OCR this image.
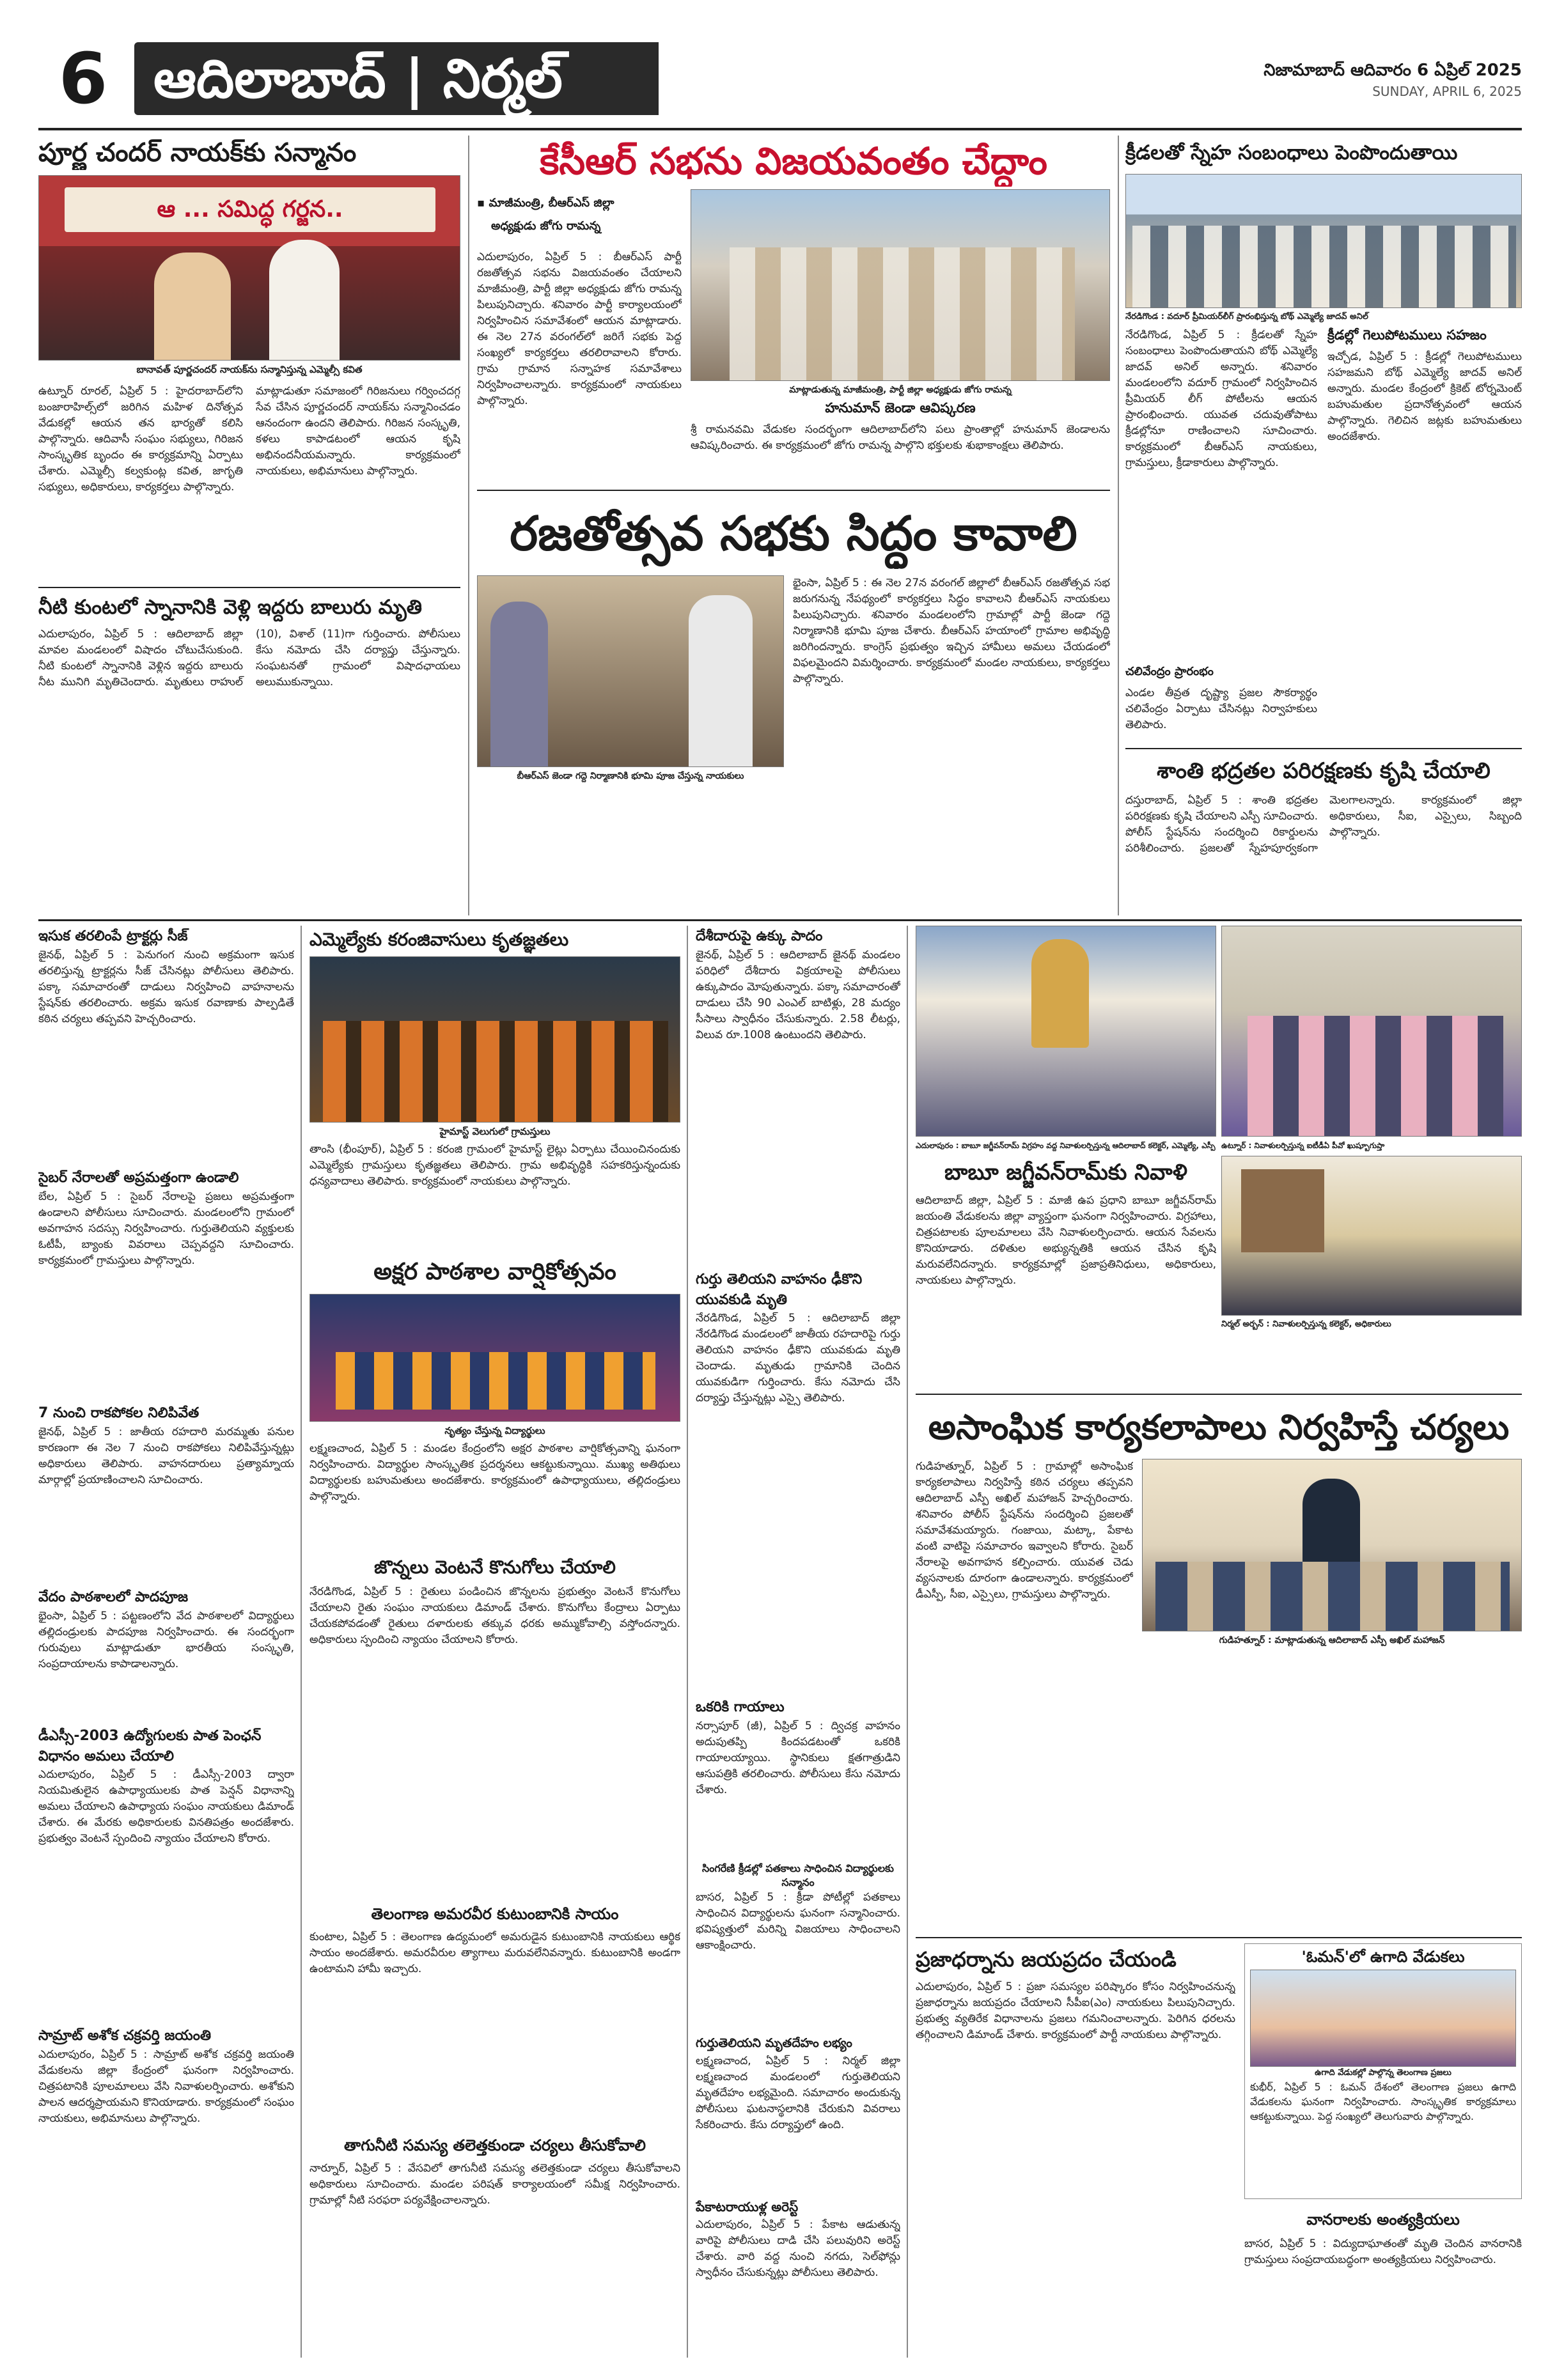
6 ఆదిలాబాద్ | నిర్మల్	నిజామాబాద్ ఆదివారం 6 ఏప్రిల్ 2025
SUNDAY, APRIL 6, 2025
పూర్ణ చందర్ నాయక్‌కు సన్మానం
ఆ ... సమిద్ధ గర్జన..
బానావత్ పూర్ణచందర్ నాయక్‌ను సన్మానిస్తున్న ఎమ్మెల్సీ కవిత
ఉట్నూర్ రూరల్, ఏప్రిల్ 5 : హైదరాబాద్‌లోని బంజారాహిల్స్‌లో జరిగిన మహిళ దినోత్సవ వేడుకల్లో ఆయన తన భార్యతో కలిసి పాల్గొన్నారు. ఆదివాసీ సంఘం సభ్యులు, గిరిజన సాంస్కృతిక బృందం ఈ కార్యక్రమాన్ని ఏర్పాటు చేశారు. ఎమ్మెల్సీ కల్వకుంట్ల కవిత, జాగృతి సభ్యులు, అధికారులు, కార్యకర్తలు పాల్గొన్నారు.
మాట్లాడుతూ సమాజంలో గిరిజనులు గర్వించదగ్గ సేవ చేసిన పూర్ణచందర్ నాయక్‌ను సన్మానించడం ఆనందంగా ఉందని తెలిపారు. గిరిజన సంస్కృతి, కళలు కాపాడటంలో ఆయన కృషి అభినందనీయమన్నారు. కార్యక్రమంలో నాయకులు, అభిమానులు పాల్గొన్నారు.
నీటి కుంటలో స్నానానికి వెళ్లి ఇద్దరు బాలురు మృతి
ఎదులాపురం, ఏప్రిల్ 5 : ఆదిలాబాద్ జిల్లా మావల మండలంలో విషాదం చోటుచేసుకుంది. నీటి కుంటలో స్నానానికి వెళ్లిన ఇద్దరు బాలురు నీట మునిగి మృతిచెందారు. మృతులు రాహుల్ (10), విశాల్ (11)గా గుర్తించారు. పోలీసులు కేసు నమోదు చేసి దర్యాప్తు చేస్తున్నారు. సంఘటనతో గ్రామంలో విషాదఛాయలు అలుముకున్నాయి.
కేసీఆర్ సభను విజయవంతం చేద్దాం
▪ మాజీమంత్రి, బీఆర్ఎస్ జిల్లా
అధ్యక్షుడు జోగు రామన్న
మాట్లాడుతున్న మాజీమంత్రి, పార్టీ జిల్లా అధ్యక్షుడు జోగు రామన్న
ఎదులాపురం, ఏప్రిల్ 5 : బీఆర్ఎస్ పార్టీ రజతోత్సవ సభను విజయవంతం చేయాలని మాజీమంత్రి, పార్టీ జిల్లా అధ్యక్షుడు జోగు రామన్న పిలుపునిచ్చారు. శనివారం పార్టీ కార్యాలయంలో నిర్వహించిన సమావేశంలో ఆయన మాట్లాడారు. ఈ నెల 27న వరంగల్‌లో జరిగే సభకు పెద్ద సంఖ్యలో కార్యకర్తలు తరలిరావాలని కోరారు. గ్రామ గ్రామాన సన్నాహక సమావేశాలు నిర్వహించాలన్నారు. కార్యక్రమంలో నాయకులు పాల్గొన్నారు.	హనుమాన్ జెండా ఆవిష్కరణ
శ్రీ రామనవమి వేడుకల సందర్భంగా ఆదిలాబాద్‌లోని పలు ప్రాంతాల్లో హనుమాన్ జెండాలను ఆవిష్కరించారు. ఈ కార్యక్రమంలో జోగు రామన్న పాల్గొని భక్తులకు శుభాకాంక్షలు తెలిపారు.
రజతోత్సవ సభకు సిద్ధం కావాలి
బీఆర్ఎస్ జెండా గద్దె నిర్మాణానికి భూమి పూజ చేస్తున్న నాయకులు
భైంసా, ఏప్రిల్ 5 : ఈ నెల 27న వరంగల్ జిల్లాలో బీఆర్ఎస్ రజతోత్సవ సభ జరుగనున్న నేపథ్యంలో కార్యకర్తలు సిద్ధం కావాలని బీఆర్ఎస్ నాయకులు పిలుపునిచ్చారు. శనివారం మండలంలోని గ్రామాల్లో పార్టీ జెండా గద్దె నిర్మాణానికి భూమి పూజ చేశారు. బీఆర్ఎస్ హయాంలో గ్రామాల అభివృద్ధి జరిగిందన్నారు. కాంగ్రెస్ ప్రభుత్వం ఇచ్చిన హామీలు అమలు చేయడంలో విఫలమైందని విమర్శించారు. కార్యక్రమంలో మండల నాయకులు, కార్యకర్తలు పాల్గొన్నారు.
క్రీడలతో స్నేహ సంబంధాలు పెంపొందుతాయి
నేరడిగొండ : వదూర్ ప్రీమియర్‌లీగ్ ప్రారంభిస్తున్న బోథ్ ఎమ్మెల్యే జాదవ్ అనిల్
నేరడిగొండ, ఏప్రిల్ 5 : క్రీడలతో స్నేహ సంబంధాలు పెంపొందుతాయని బోథ్ ఎమ్మెల్యే జాదవ్ అనిల్ అన్నారు. శనివారం మండలంలోని వదూర్ గ్రామంలో నిర్వహించిన ప్రీమియర్ లీగ్ పోటీలను ఆయన ప్రారంభించారు. యువత చదువుతోపాటు క్రీడల్లోనూ రాణించాలని సూచించారు. కార్యక్రమంలో బీఆర్ఎస్ నాయకులు, గ్రామస్తులు, క్రీడాకారులు పాల్గొన్నారు.
క్రీడల్లో గెలుపోటములు సహజం
ఇచ్చోడ, ఏప్రిల్ 5 : క్రీడల్లో గెలుపోటములు సహజమని బోథ్ ఎమ్మెల్యే జాదవ్ అనిల్ అన్నారు. మండల కేంద్రంలో క్రికెట్ టోర్నమెంట్ బహుమతుల ప్రదానోత్సవంలో ఆయన పాల్గొన్నారు. గెలిచిన జట్లకు బహుమతులు అందజేశారు.
చలివేంద్రం ప్రారంభం
ఎండల తీవ్రత దృష్ట్యా ప్రజల సౌకర్యార్థం చలివేంద్రం ఏర్పాటు చేసినట్లు నిర్వాహకులు తెలిపారు.
శాంతి భద్రతల పరిరక్షణకు కృషి చేయాలి
దస్తురాబాద్, ఏప్రిల్ 5 : శాంతి భద్రతల పరిరక్షణకు కృషి చేయాలని ఎస్పీ సూచించారు. పోలీస్ స్టేషన్‌ను సందర్శించి రికార్డులను పరిశీలించారు. ప్రజలతో స్నేహపూర్వకంగా మెలగాలన్నారు. కార్యక్రమంలో జిల్లా అధికారులు, సీఐ, ఎస్సైలు, సిబ్బంది పాల్గొన్నారు.
ఇసుక తరలింపే ట్రాక్టర్లు సీజ్
జైనథ్, ఏప్రిల్ 5 : పెనుగంగ నుంచి అక్రమంగా ఇసుక తరలిస్తున్న ట్రాక్టర్లను సీజ్ చేసినట్లు పోలీసులు తెలిపారు. పక్కా సమాచారంతో దాడులు నిర్వహించి వాహనాలను స్టేషన్‌కు తరలించారు. అక్రమ ఇసుక రవాణాకు పాల్పడితే కఠిన చర్యలు తప్పవని హెచ్చరించారు.
సైబర్ నేరాలతో అప్రమత్తంగా ఉండాలి
బేల, ఏప్రిల్ 5 : సైబర్ నేరాలపై ప్రజలు అప్రమత్తంగా ఉండాలని పోలీసులు సూచించారు. మండలంలోని గ్రామంలో అవగాహన సదస్సు నిర్వహించారు. గుర్తుతెలియని వ్యక్తులకు ఓటీపీ, బ్యాంకు వివరాలు చెప్పవద్దని సూచించారు. కార్యక్రమంలో గ్రామస్తులు పాల్గొన్నారు.
7 నుంచి రాకపోకల నిలిపివేత
జైనథ్, ఏప్రిల్ 5 : జాతీయ రహదారి మరమ్మతు పనుల కారణంగా ఈ నెల 7 నుంచి రాకపోకలు నిలిపివేస్తున్నట్లు అధికారులు తెలిపారు. వాహనదారులు ప్రత్యామ్నాయ మార్గాల్లో ప్రయాణించాలని సూచించారు.
వేదం పాఠశాలలో పాదపూజ
భైంసా, ఏప్రిల్ 5 : పట్టణంలోని వేద పాఠశాలలో విద్యార్థులు తల్లిదండ్రులకు పాదపూజ నిర్వహించారు. ఈ సందర్భంగా గురువులు మాట్లాడుతూ భారతీయ సంస్కృతి, సంప్రదాయాలను కాపాడాలన్నారు.
డీఎస్సీ-2003 ఉద్యోగులకు పాత పెంఛన్ విధానం అమలు చేయాలి
ఎదులాపురం, ఏప్రిల్ 5 : డీఎస్సీ-2003 ద్వారా నియమితులైన ఉపాధ్యాయులకు పాత పెన్షన్ విధానాన్ని అమలు చేయాలని ఉపాధ్యాయ సంఘం నాయకులు డిమాండ్ చేశారు. ఈ మేరకు అధికారులకు వినతిపత్రం అందజేశారు. ప్రభుత్వం వెంటనే స్పందించి న్యాయం చేయాలని కోరారు.
సామ్రాట్ అశోక చక్రవర్తి జయంతి
ఎదులాపురం, ఏప్రిల్ 5 : సామ్రాట్ అశోక చక్రవర్తి జయంతి వేడుకలను జిల్లా కేంద్రంలో ఘనంగా నిర్వహించారు. చిత్రపటానికి పూలమాలలు వేసి నివాళులర్పించారు. అశోకుని పాలన ఆదర్శప్రాయమని కొనియాడారు. కార్యక్రమంలో సంఘం నాయకులు, అభిమానులు పాల్గొన్నారు.
ఎమ్మెల్యేకు కరంజివాసులు కృతజ్ఞతలు
హైమాస్ట్ వెలుగులో గ్రామస్తులు
తాంసి (భీంపూర్), ఏప్రిల్ 5 : కరంజి గ్రామంలో హైమాస్ట్ లైట్లు ఏర్పాటు చేయించినందుకు ఎమ్మెల్యేకు గ్రామస్తులు కృతజ్ఞతలు తెలిపారు. గ్రామ అభివృద్ధికి సహకరిస్తున్నందుకు ధన్యవాదాలు తెలిపారు. కార్యక్రమంలో నాయకులు పాల్గొన్నారు.
అక్షర పాఠశాల వార్షికోత్సవం
నృత్యం చేస్తున్న విద్యార్థులు
లక్ష్మణచాంద, ఏప్రిల్ 5 : మండల కేంద్రంలోని అక్షర పాఠశాల వార్షికోత్సవాన్ని ఘనంగా నిర్వహించారు. విద్యార్థుల సాంస్కృతిక ప్రదర్శనలు ఆకట్టుకున్నాయి. ముఖ్య అతిథులు విద్యార్థులకు బహుమతులు అందజేశారు. కార్యక్రమంలో ఉపాధ్యాయులు, తల్లిదండ్రులు పాల్గొన్నారు.
జొన్నలు వెంటనే కొనుగోలు చేయాలి
నేరడిగొండ, ఏప్రిల్ 5 : రైతులు పండించిన జొన్నలను ప్రభుత్వం వెంటనే కొనుగోలు చేయాలని రైతు సంఘం నాయకులు డిమాండ్ చేశారు. కొనుగోలు కేంద్రాలు ఏర్పాటు చేయకపోవడంతో రైతులు దళారులకు తక్కువ ధరకు అమ్ముకోవాల్సి వస్తోందన్నారు. అధికారులు స్పందించి న్యాయం చేయాలని కోరారు.
తెలంగాణ అమరవీర కుటుంబానికి సాయం
కుంటాల, ఏప్రిల్ 5 : తెలంగాణ ఉద్యమంలో అమరుడైన కుటుంబానికి నాయకులు ఆర్థిక సాయం అందజేశారు. అమరవీరుల త్యాగాలు మరువలేనివన్నారు. కుటుంబానికి అండగా ఉంటామని హామీ ఇచ్చారు.
తాగునీటి సమస్య తలెత్తకుండా చర్యలు తీసుకోవాలి
నార్నూర్, ఏప్రిల్ 5 : వేసవిలో తాగునీటి సమస్య తలెత్తకుండా చర్యలు తీసుకోవాలని అధికారులు సూచించారు. మండల పరిషత్ కార్యాలయంలో సమీక్ష నిర్వహించారు. గ్రామాల్లో నీటి సరఫరా పర్యవేక్షించాలన్నారు.
దేశీదారుపై ఉక్కు పాదం
జైనథ్, ఏప్రిల్ 5 : ఆదిలాబాద్ జైనథ్ మండలం పరిధిలో దేశీదారు విక్రయాలపై పోలీసులు ఉక్కుపాదం మోపుతున్నారు. పక్కా సమాచారంతో దాడులు చేసి 90 ఎంఎల్ బాటిళ్లు, 28 మద్యం సీసాలు స్వాధీనం చేసుకున్నారు. 2.58 లీటర్లు, విలువ రూ.1008 ఉంటుందని తెలిపారు.
గుర్తు తెలియని వాహనం ఢీకొని యువకుడి మృతి
నేరడిగొండ, ఏప్రిల్ 5 : ఆదిలాబాద్ జిల్లా నేరడిగొండ మండలంలో జాతీయ రహదారిపై గుర్తు తెలియని వాహనం ఢీకొని యువకుడు మృతి చెందాడు. మృతుడు గ్రామానికి చెందిన యువకుడిగా గుర్తించారు. కేసు నమోదు చేసి దర్యాప్తు చేస్తున్నట్లు ఎస్సై తెలిపారు.
ఒకరికి గాయాలు
నర్సాపూర్ (జీ), ఏప్రిల్ 5 : ద్విచక్ర వాహనం అదుపుతప్పి కిందపడటంతో ఒకరికి గాయాలయ్యాయి. స్థానికులు క్షతగాత్రుడిని ఆసుపత్రికి తరలించారు. పోలీసులు కేసు నమోదు చేశారు.
సింగరేణి క్రీడల్లో పతకాలు సాధించిన విద్యార్థులకు సన్మానం
బాసర, ఏప్రిల్ 5 : క్రీడా పోటీల్లో పతకాలు సాధించిన విద్యార్థులను ఘనంగా సన్మానించారు. భవిష్యత్తులో మరిన్ని విజయాలు సాధించాలని ఆకాంక్షించారు.
గుర్తుతెలియని మృతదేహం లభ్యం
లక్ష్మణచాంద, ఏప్రిల్ 5 : నిర్మల్ జిల్లా లక్ష్మణచాంద మండలంలో గుర్తుతెలియని మృతదేహం లభ్యమైంది. సమాచారం అందుకున్న పోలీసులు ఘటనాస్థలానికి చేరుకుని వివరాలు సేకరించారు. కేసు దర్యాప్తులో ఉంది.
పేకాటరాయుళ్ల అరెస్ట్
ఎదులాపురం, ఏప్రిల్ 5 : పేకాట ఆడుతున్న వారిపై పోలీసులు దాడి చేసి పలువురిని అరెస్ట్ చేశారు. వారి వద్ద నుంచి నగదు, సెల్‌ఫోన్లు స్వాధీనం చేసుకున్నట్లు పోలీసులు తెలిపారు.
ఎదులాపురం : బాబూ జగ్జీవన్‌రామ్ విగ్రహం వద్ద నివాళులర్పిస్తున్న ఆదిలాబాద్ కలెక్టర్, ఎమ్మెల్యే, ఎస్పీ ఉట్నూర్ : నివాళులర్పిస్తున్న ఐటీడీఏ పీవో ఖుష్బూగుప్తా
బాబూ జగ్జీవన్‌రామ్‌కు నివాళి
ఆదిలాబాద్ జిల్లా, ఏప్రిల్ 5 : మాజీ ఉప ప్రధాని బాబూ జగ్జీవన్‌రామ్ జయంతి వేడుకలను జిల్లా వ్యాప్తంగా ఘనంగా నిర్వహించారు. విగ్రహాలు, చిత్రపటాలకు పూలమాలలు వేసి నివాళులర్పించారు. ఆయన సేవలను కొనియాడారు. దళితుల అభ్యున్నతికి ఆయన చేసిన కృషి మరువలేనిదన్నారు. కార్యక్రమాల్లో ప్రజాప్రతినిధులు, అధికారులు, నాయకులు పాల్గొన్నారు.
నిర్మల్ అర్బన్ : నివాళులర్పిస్తున్న కలెక్టర్, అధికారులు
అసాంఘిక కార్యకలాపాలు నిర్వహిస్తే చర్యలు
గుడిహత్నూర్, ఏప్రిల్ 5 : గ్రామాల్లో అసాంఘిక కార్యకలాపాలు నిర్వహిస్తే కఠిన చర్యలు తప్పవని ఆదిలాబాద్ ఎస్పీ అఖిల్ మహాజన్ హెచ్చరించారు. శనివారం పోలీస్ స్టేషన్‌ను సందర్శించి ప్రజలతో సమావేశమయ్యారు. గంజాయి, మట్కా, పేకాట వంటి వాటిపై సమాచారం ఇవ్వాలని కోరారు. సైబర్ నేరాలపై అవగాహన కల్పించారు. యువత చెడు వ్యసనాలకు దూరంగా ఉండాలన్నారు. కార్యక్రమంలో డీఎస్పీ, సీఐ, ఎస్సైలు, గ్రామస్తులు పాల్గొన్నారు.
గుడిహత్నూర్ : మాట్లాడుతున్న ఆదిలాబాద్ ఎస్పీ అఖిల్ మహాజన్
ప్రజాధర్నాను జయప్రదం చేయండి
ఎదులాపురం, ఏప్రిల్ 5 : ప్రజా సమస్యల పరిష్కారం కోసం నిర్వహించనున్న ప్రజాధర్నాను జయప్రదం చేయాలని సీపీఐ(ఎం) నాయకులు పిలుపునిచ్చారు. ప్రభుత్వ వ్యతిరేక విధానాలను ప్రజలు గమనించాలన్నారు. పెరిగిన ధరలను తగ్గించాలని డిమాండ్ చేశారు. కార్యక్రమంలో పార్టీ నాయకులు పాల్గొన్నారు.
'ఓమన్'లో ఉగాది వేడుకలు
ఉగాది వేడుకల్లో పాల్గొన్న తెలంగాణ ప్రజలు
కుభీర్, ఏప్రిల్ 5 : ఓమన్ దేశంలో తెలంగాణ ప్రజలు ఉగాది వేడుకలను ఘనంగా నిర్వహించారు. సాంస్కృతిక కార్యక్రమాలు ఆకట్టుకున్నాయి. పెద్ద సంఖ్యలో తెలుగువారు పాల్గొన్నారు.
వానరాలకు అంత్యక్రియలు
బాసర, ఏప్రిల్ 5 : విద్యుదాఘాతంతో మృతి చెందిన వానరానికి గ్రామస్తులు సంప్రదాయబద్ధంగా అంత్యక్రియలు నిర్వహించారు.
